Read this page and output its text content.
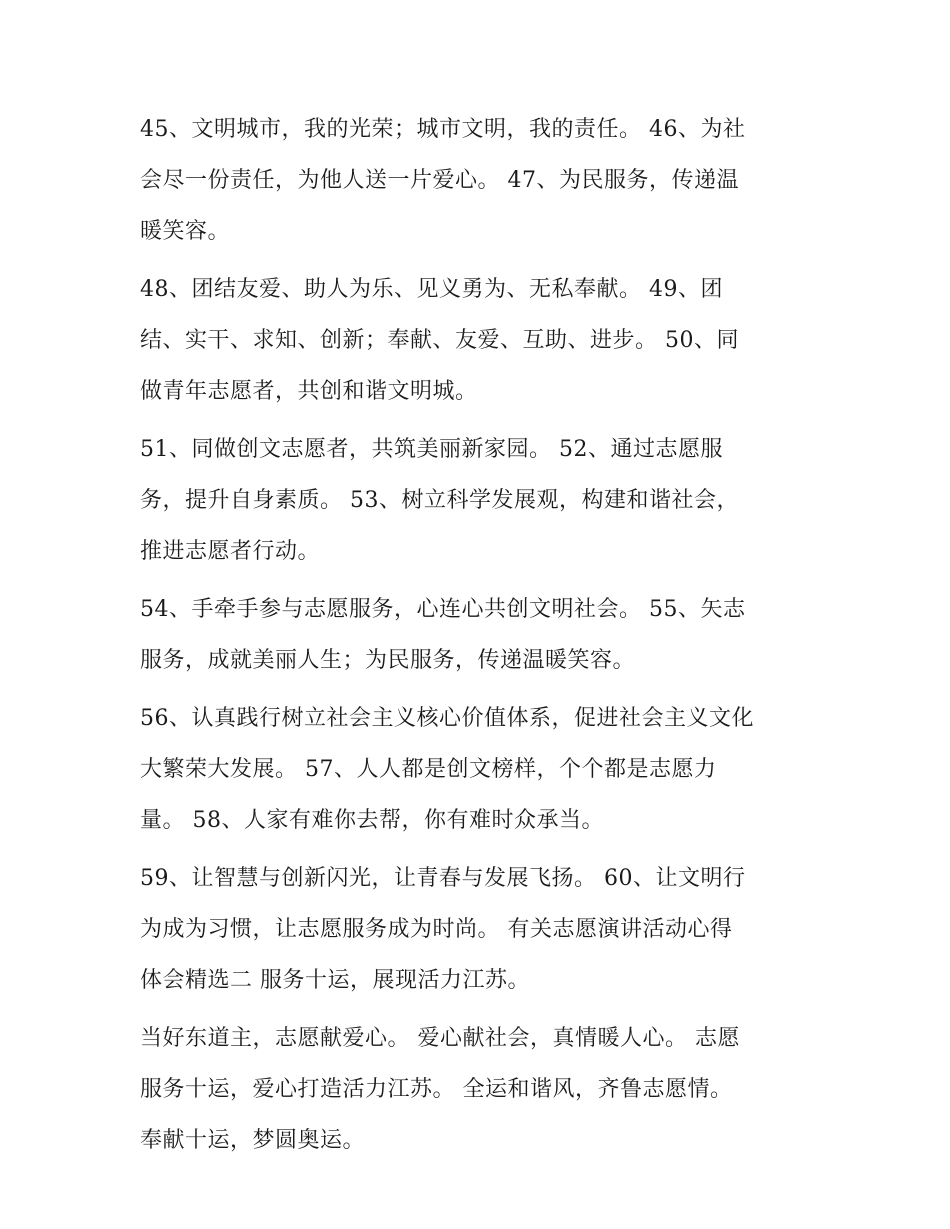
45、文明城市，我的光荣；城市文明，我的责任。 46、为社
会尽一份责任，为他人送一片爱心。 47、为民服务，传递温
暖笑容。
48、团结友爱、助人为乐、见义勇为、无私奉献。 49、团
结、实干、求知、创新；奉献、友爱、互助、进步。 50、同
做青年志愿者，共创和谐文明城。
51、同做创文志愿者，共筑美丽新家园。 52、通过志愿服
务，提升自身素质。 53、树立科学发展观，构建和谐社会，
推进志愿者行动。
54、手牵手参与志愿服务，心连心共创文明社会。 55、矢志
服务，成就美丽人生；为民服务，传递温暖笑容。
56、认真践行树立社会主义核心价值体系，促进社会主义文化
大繁荣大发展。 57、人人都是创文榜样，个个都是志愿力
量。 58、人家有难你去帮，你有难时众承当。
59、让智慧与创新闪光，让青春与发展飞扬。 60、让文明行
为成为习惯，让志愿服务成为时尚。 有关志愿演讲活动心得
体会精选二 服务十运，展现活力江苏。
当好东道主，志愿献爱心。 爱心献社会，真情暖人心。 志愿
服务十运，爱心打造活力江苏。 全运和谐风，齐鲁志愿情。
奉献十运，梦圆奥运。
